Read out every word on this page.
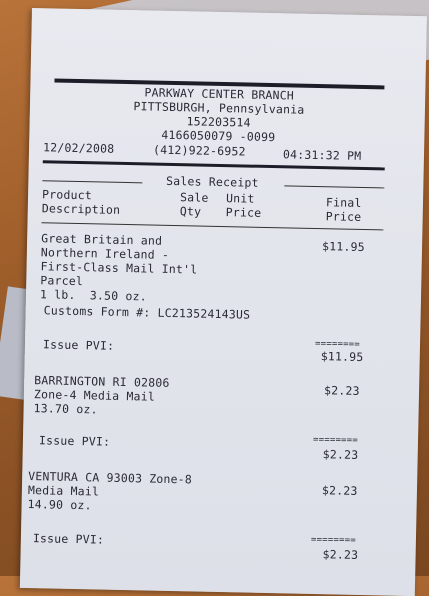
PARKWAY CENTER BRANCH
PITTSBURGH, Pennsylvania
152203514
4166050079 -0099
12/02/2008	(412)922-6952	04:31:32 PM
Sales Receipt
Product
Description
Sale
Qty
Unit
Price
Final
Price
Great Britain and
Northern Ireland -
First-Class Mail Int'l
Parcel
1 lb.  3.50 oz.
Customs Form #: LC213524143US
$11.95
========
Issue PVI:
$11.95
BARRINGTON RI 02806
Zone-4 Media Mail
13.70 oz.
$2.23
========
Issue PVI:
$2.23
VENTURA CA 93003 Zone-8
Media Mail
14.90 oz.
$2.23
========
Issue PVI:
$2.23
